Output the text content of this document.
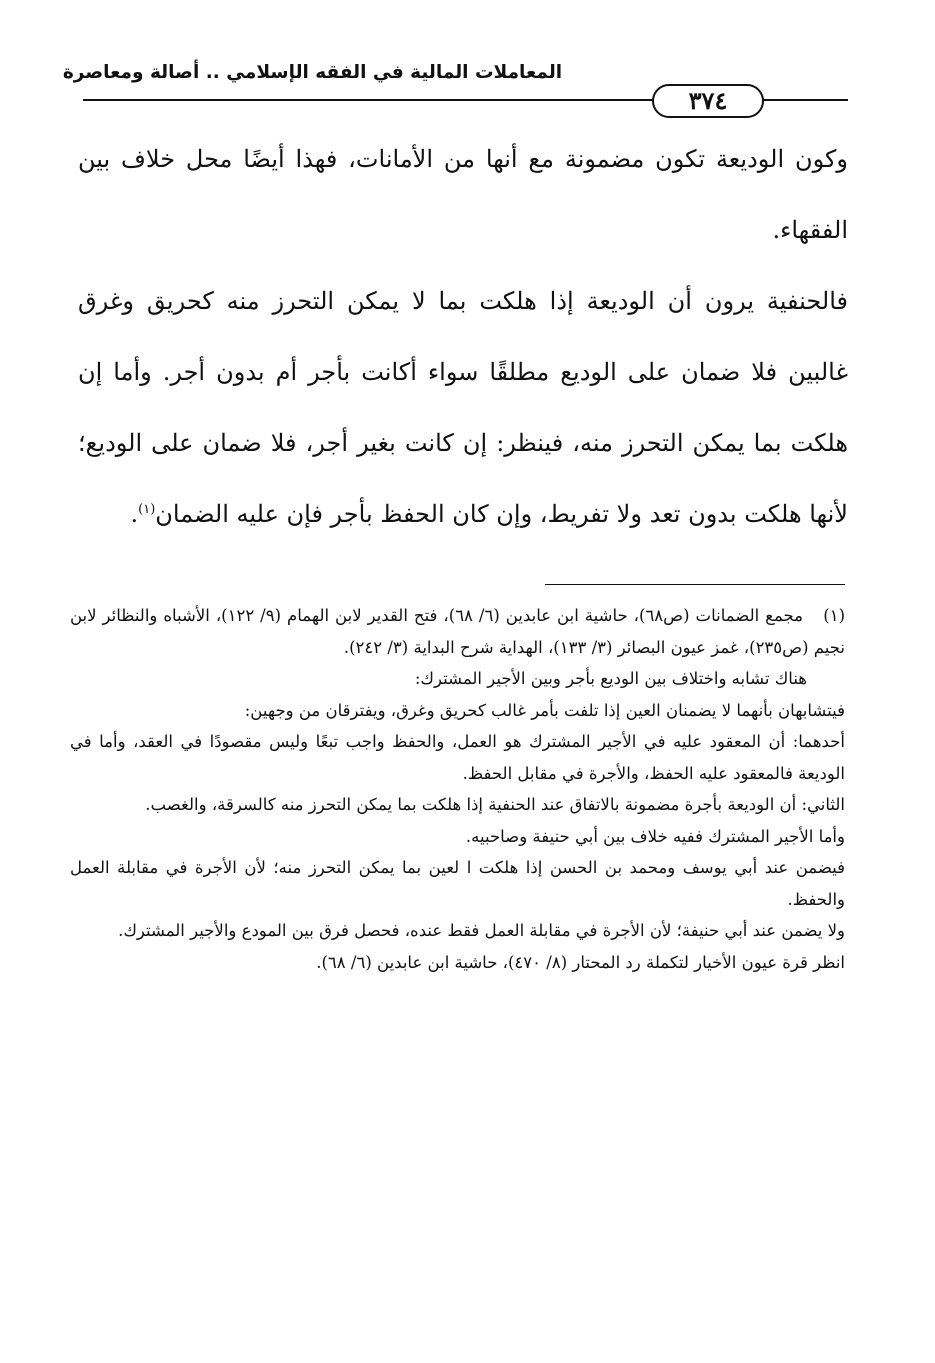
المعاملات المالية في الفقه الإسلامي .. أصالة ومعاصرة
٣٧٤

وكون الوديعة تكون مضمونة مع أنها من الأمانات، فهذا أيضًا محل خلاف بين الفقهاء.

فالحنفية يرون أن الوديعة إذا هلكت بما لا يمكن التحرز منه كحريق وغرق غالبين فلا ضمان على الوديع مطلقًا سواء أكانت بأجر أم بدون أجر. وأما إن هلكت بما يمكن التحرز منه، فينظر: إن كانت بغير أجر، فلا ضمان على الوديع؛ لأنها هلكت بدون تعد ولا تفريط، وإن كان الحفظ بأجر فإن عليه الضمان$^{(١)}$.

(١) مجمع الضمانات (ص٦٨)، حاشية ابن عابدين (٦/ ٦٨)، فتح القدير لابن الهمام (٩/ ١٢٢)، الأشباه والنظائر لابن نجيم (ص٢٣٥)، غمز عيون البصائر (٣/ ١٣٣)، الهداية شرح البداية (٣/ ٢٤٢).

هناك تشابه واختلاف بين الوديع بأجر وبين الأجير المشترك:

فيتشابهان بأنهما لا يضمنان العين إذا تلفت بأمر غالب كحريق وغرق، ويفترقان من وجهين:

أحدهما: أن المعقود عليه في الأجير المشترك هو العمل، والحفظ واجب تبعًا وليس مقصودًا في العقد، وأما في الوديعة فالمعقود عليه الحفظ، والأجرة في مقابل الحفظ.

الثاني: أن الوديعة بأجرة مضمونة بالاتفاق عند الحنفية إذا هلكت بما يمكن التحرز منه كالسرقة، والغصب.

وأما الأجير المشترك ففيه خلاف بين أبي حنيفة وصاحبيه.

فيضمن عند أبي يوسف ومحمد بن الحسن إذا هلكت ا لعين بما يمكن التحرز منه؛ لأن الأجرة في مقابلة العمل والحفظ.

ولا يضمن عند أبي حنيفة؛ لأن الأجرة في مقابلة العمل فقط عنده، فحصل فرق بين المودع والأجير المشترك.

انظر قرة عيون الأخيار لتكملة رد المحتار (٨/ ٤٧٠)، حاشية ابن عابدين (٦/ ٦٨).
